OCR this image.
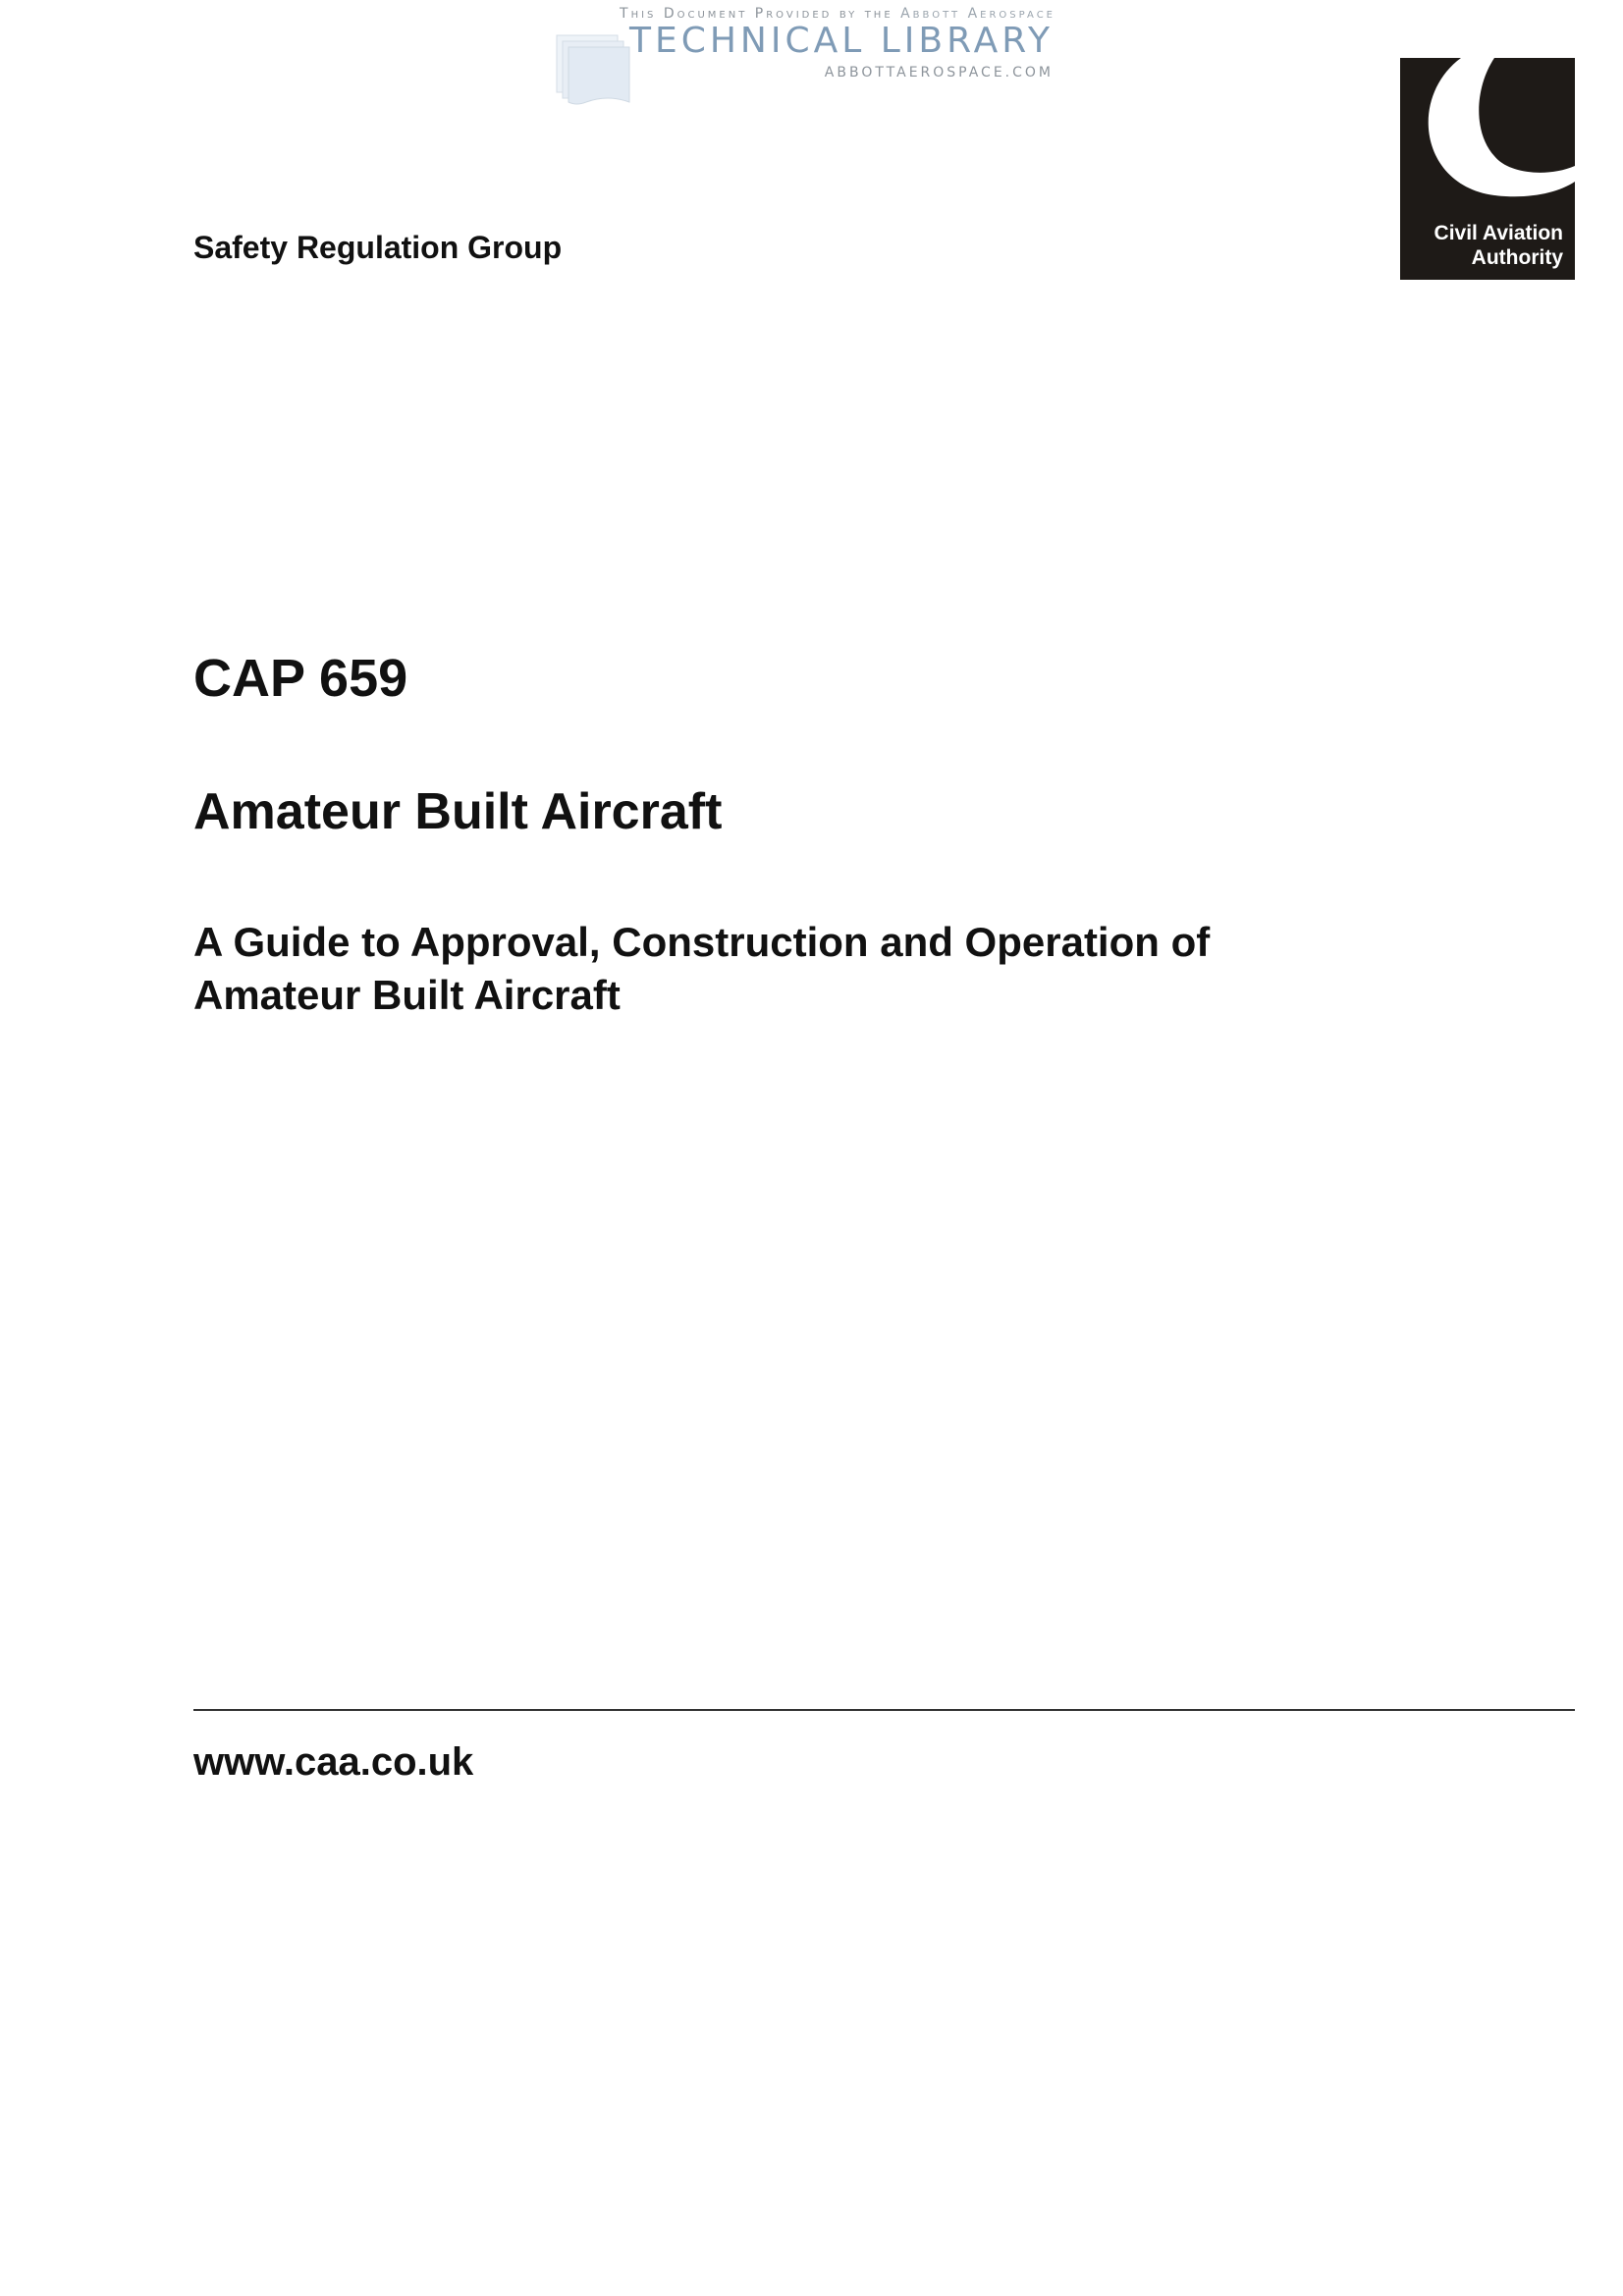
This Document Provided by the Abbott Aerospace
TECHNICAL LIBRARY
ABBOTTAEROSPACE.COM
Civil Aviation
Authority
Safety Regulation Group
CAP 659
Amateur Built Aircraft
A Guide to Approval, Construction and Operation of
Amateur Built Aircraft
www.caa.co.uk
